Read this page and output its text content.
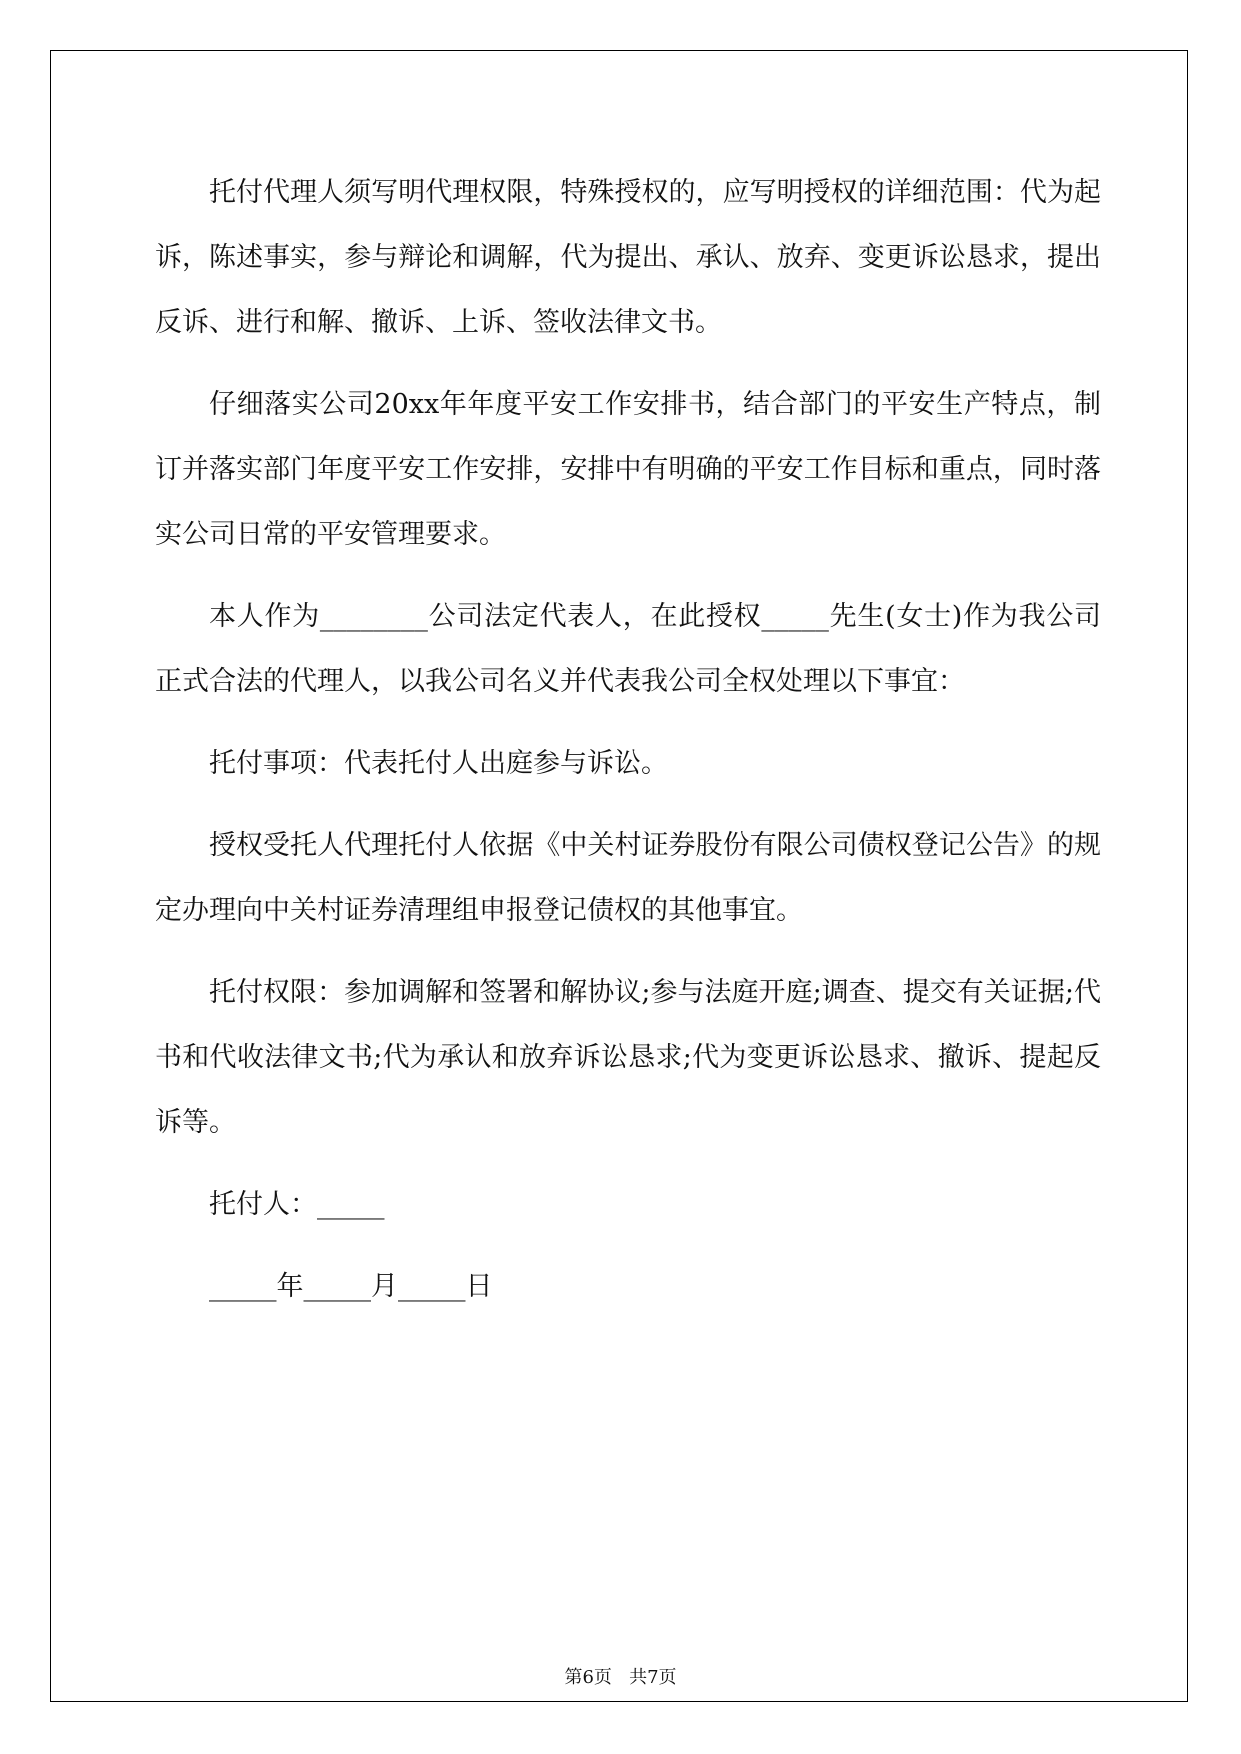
托付代理人须写明代理权限，特殊授权的，应写明授权的详细范围：代为起诉，陈述事实，参与辩论和调解，代为提出、承认、放弃、变更诉讼恳求，提出反诉、进行和解、撤诉、上诉、签收法律文书。

仔细落实公司20xx年年度平安工作安排书，结合部门的平安生产特点，制订并落实部门年度平安工作安排，安排中有明确的平安工作目标和重点，同时落实公司日常的平安管理要求。

本人作为________公司法定代表人，在此授权_____先生(女士)作为我公司正式合法的代理人，以我公司名义并代表我公司全权处理以下事宜：

托付事项：代表托付人出庭参与诉讼。

授权受托人代理托付人依据《中关村证券股份有限公司债权登记公告》的规定办理向中关村证券清理组申报登记债权的其他事宜。

托付权限：参加调解和签署和解协议;参与法庭开庭;调查、提交有关证据;代书和代收法律文书;代为承认和放弃诉讼恳求;代为变更诉讼恳求、撤诉、提起反诉等。

托付人：_____

_____年_____月_____日

第6页 共7页
